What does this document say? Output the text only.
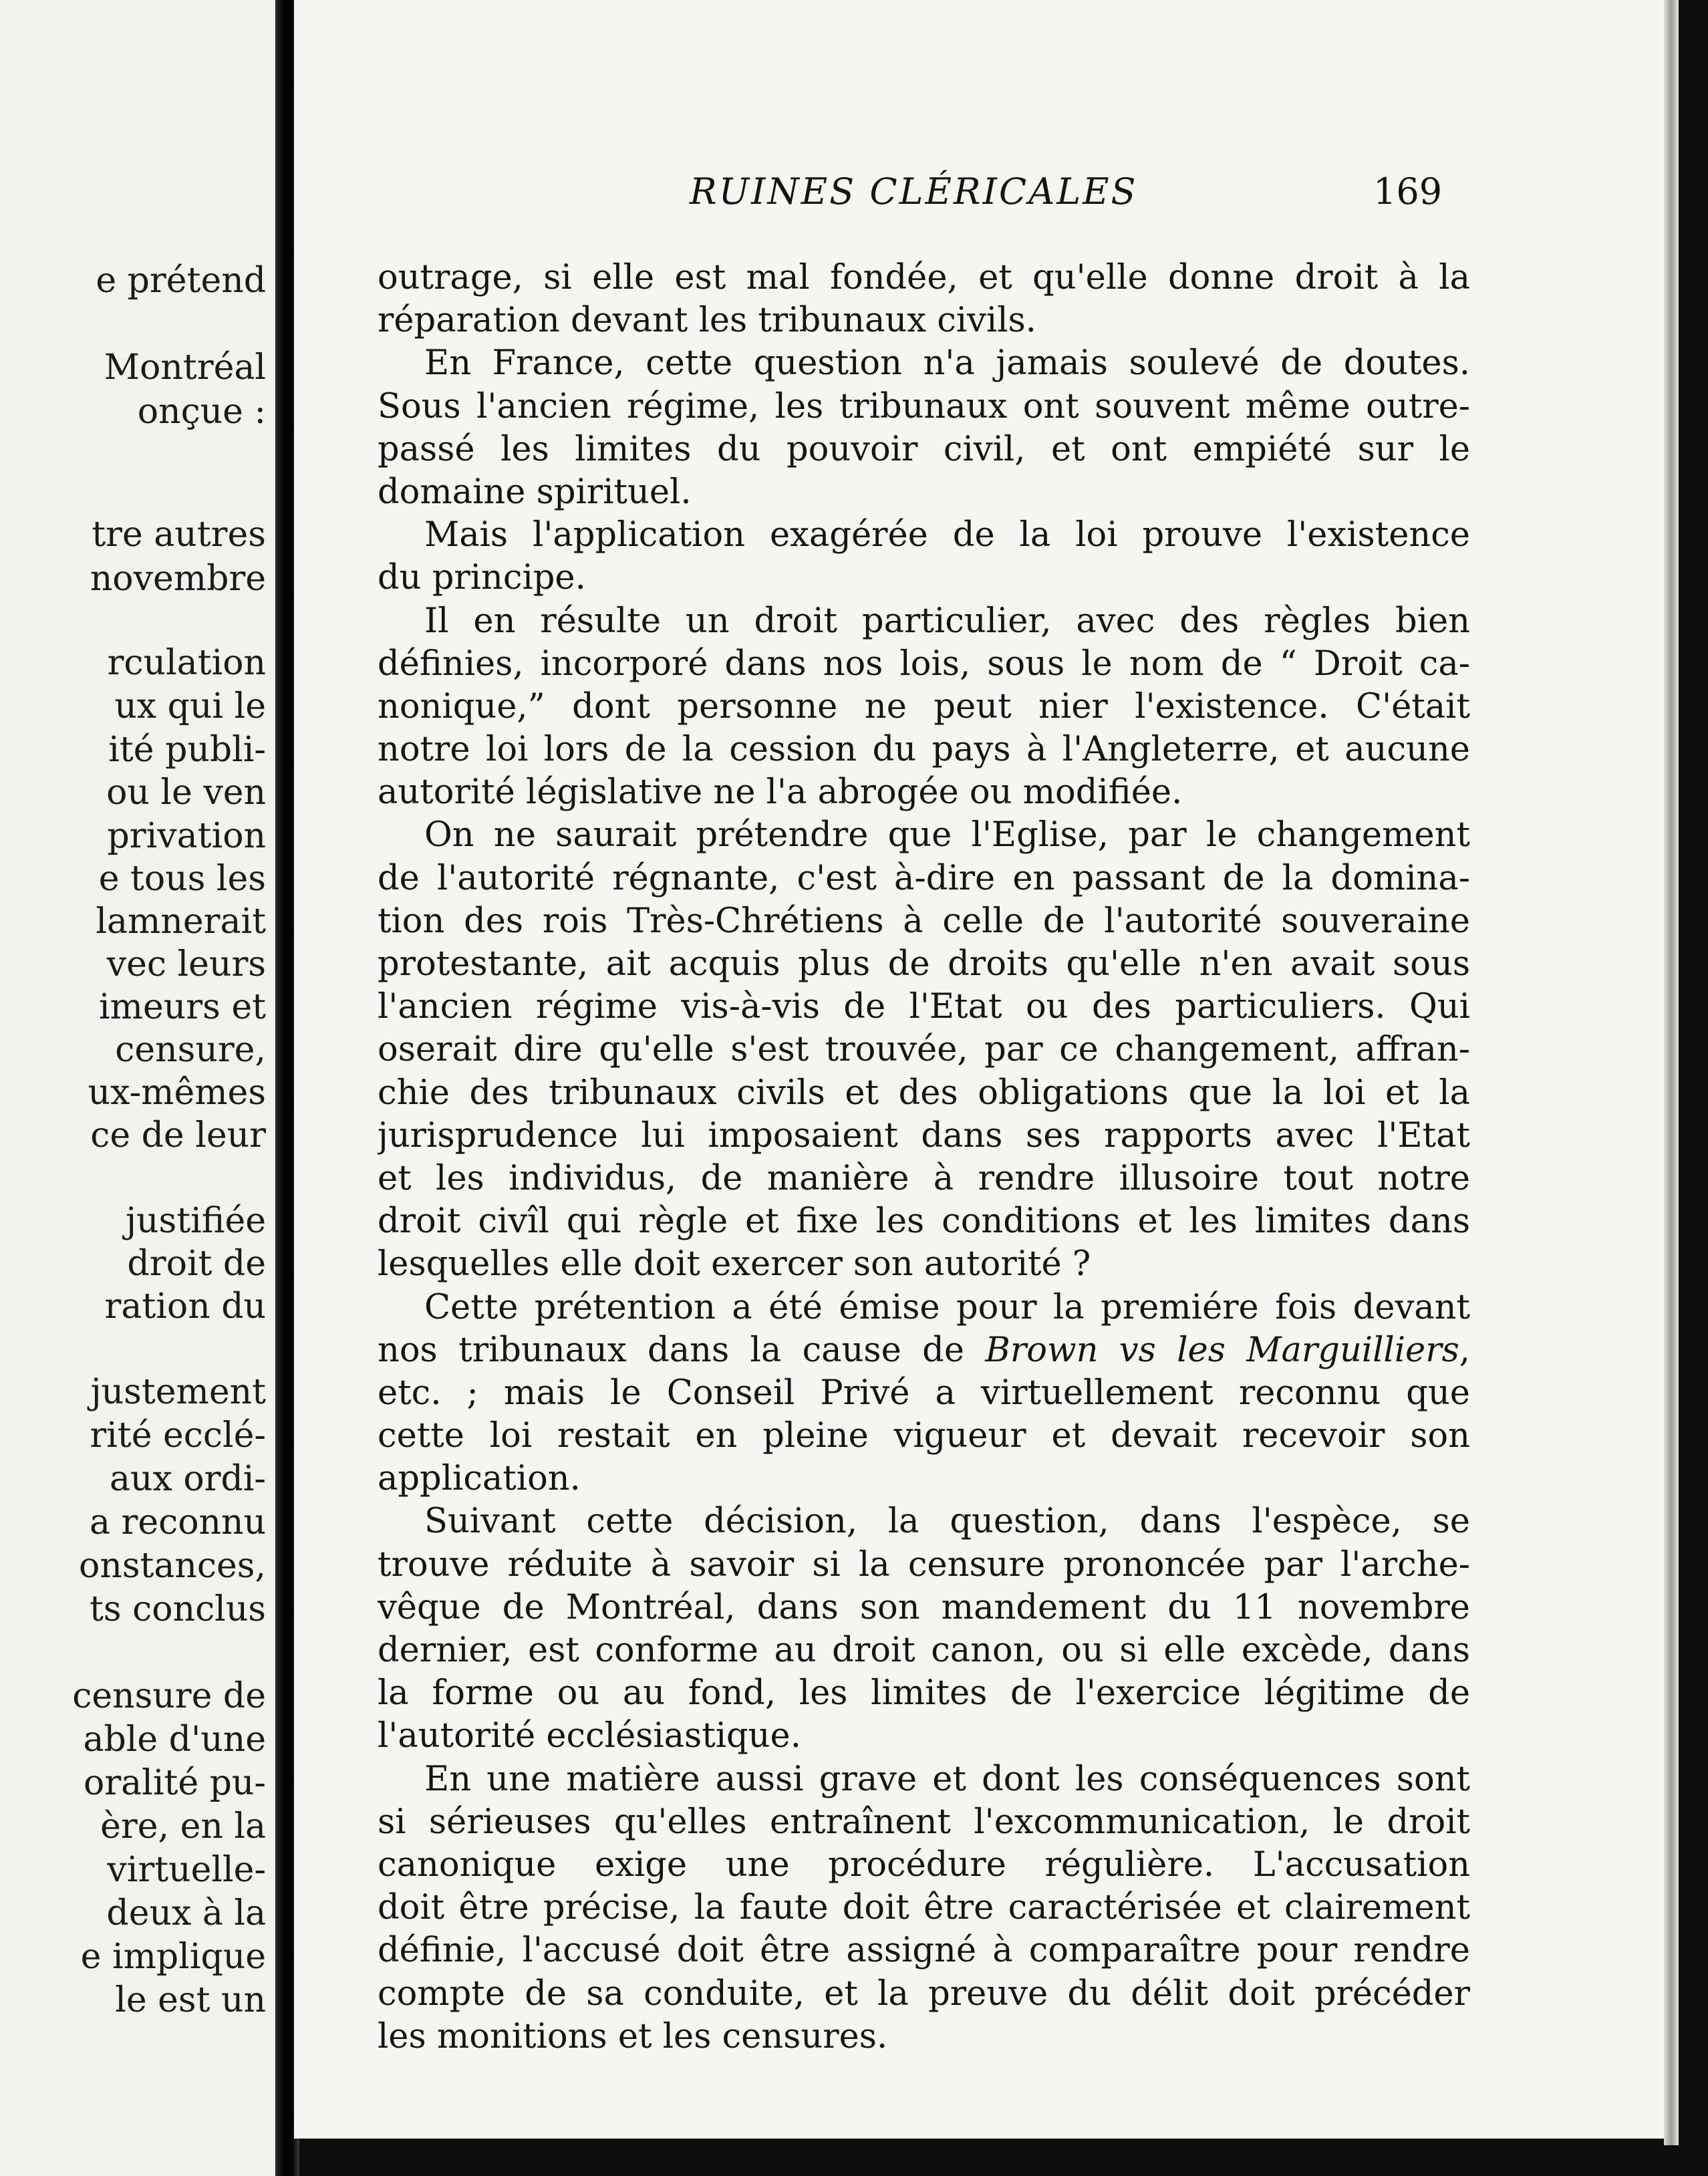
e prétend
Montréal
onçue :
tre autres
novembre
rculation
ux qui le
ité publi-
ou le ven
privation
e tous les
lamnerait
vec leurs
imeurs et
censure,
ux-mêmes
ce de leur
justifiée
droit de
ration du
justement
rité ecclé-
aux ordi-
a reconnu
onstances,
ts conclus
censure de
able d'une
oralité pu-
ère, en la
virtuelle-
deux à la
e implique
le est un
RUINES CLÉRICALES	169
outrage, si elle est mal fondée, et qu'elle donne droit à la
réparation devant les tribunaux civils.
En France, cette question n'a jamais soulevé de doutes.
Sous l'ancien régime, les tribunaux ont souvent même outre-
passé les limites du pouvoir civil, et ont empiété sur le
domaine spirituel.
Mais l'application exagérée de la loi prouve l'existence
du principe.
Il en résulte un droit particulier, avec des règles bien
définies, incorporé dans nos lois, sous le nom de “ Droit ca-
nonique,” dont personne ne peut nier l'existence. C'était
notre loi lors de la cession du pays à l'Angleterre, et aucune
autorité législative ne l'a abrogée ou modifiée.
On ne saurait prétendre que l'Eglise, par le changement
de l'autorité régnante, c'est à-dire en passant de la domina-
tion des rois Très-Chrétiens à celle de l'autorité souveraine
protestante, ait acquis plus de droits qu'elle n'en avait sous
l'ancien régime vis-à-vis de l'Etat ou des particuliers. Qui
oserait dire qu'elle s'est trouvée, par ce changement, affran-
chie des tribunaux civils et des obligations que la loi et la
jurisprudence lui imposaient dans ses rapports avec l'Etat
et les individus, de manière à rendre illusoire tout notre
droit civîl qui règle et fixe les conditions et les limites dans
lesquelles elle doit exercer son autorité ?
Cette prétention a été émise pour la premiére fois devant
nos tribunaux dans la cause de Brown vs les Marguilliers,
etc. ; mais le Conseil Privé a virtuellement reconnu que
cette loi restait en pleine vigueur et devait recevoir son
application.
Suivant cette décision, la question, dans l'espèce, se
trouve réduite à savoir si la censure prononcée par l'arche-
vêque de Montréal, dans son mandement du 11 novembre
dernier, est conforme au droit canon, ou si elle excède, dans
la forme ou au fond, les limites de l'exercice légitime de
l'autorité ecclésiastique.
En une matière aussi grave et dont les conséquences sont
si sérieuses qu'elles entraînent l'excommunication, le droit
canonique exige une procédure régulière. L'accusation
doit être précise, la faute doit être caractérisée et clairement
définie, l'accusé doit être assigné à comparaître pour rendre
compte de sa conduite, et la preuve du délit doit précéder
les monitions et les censures.
